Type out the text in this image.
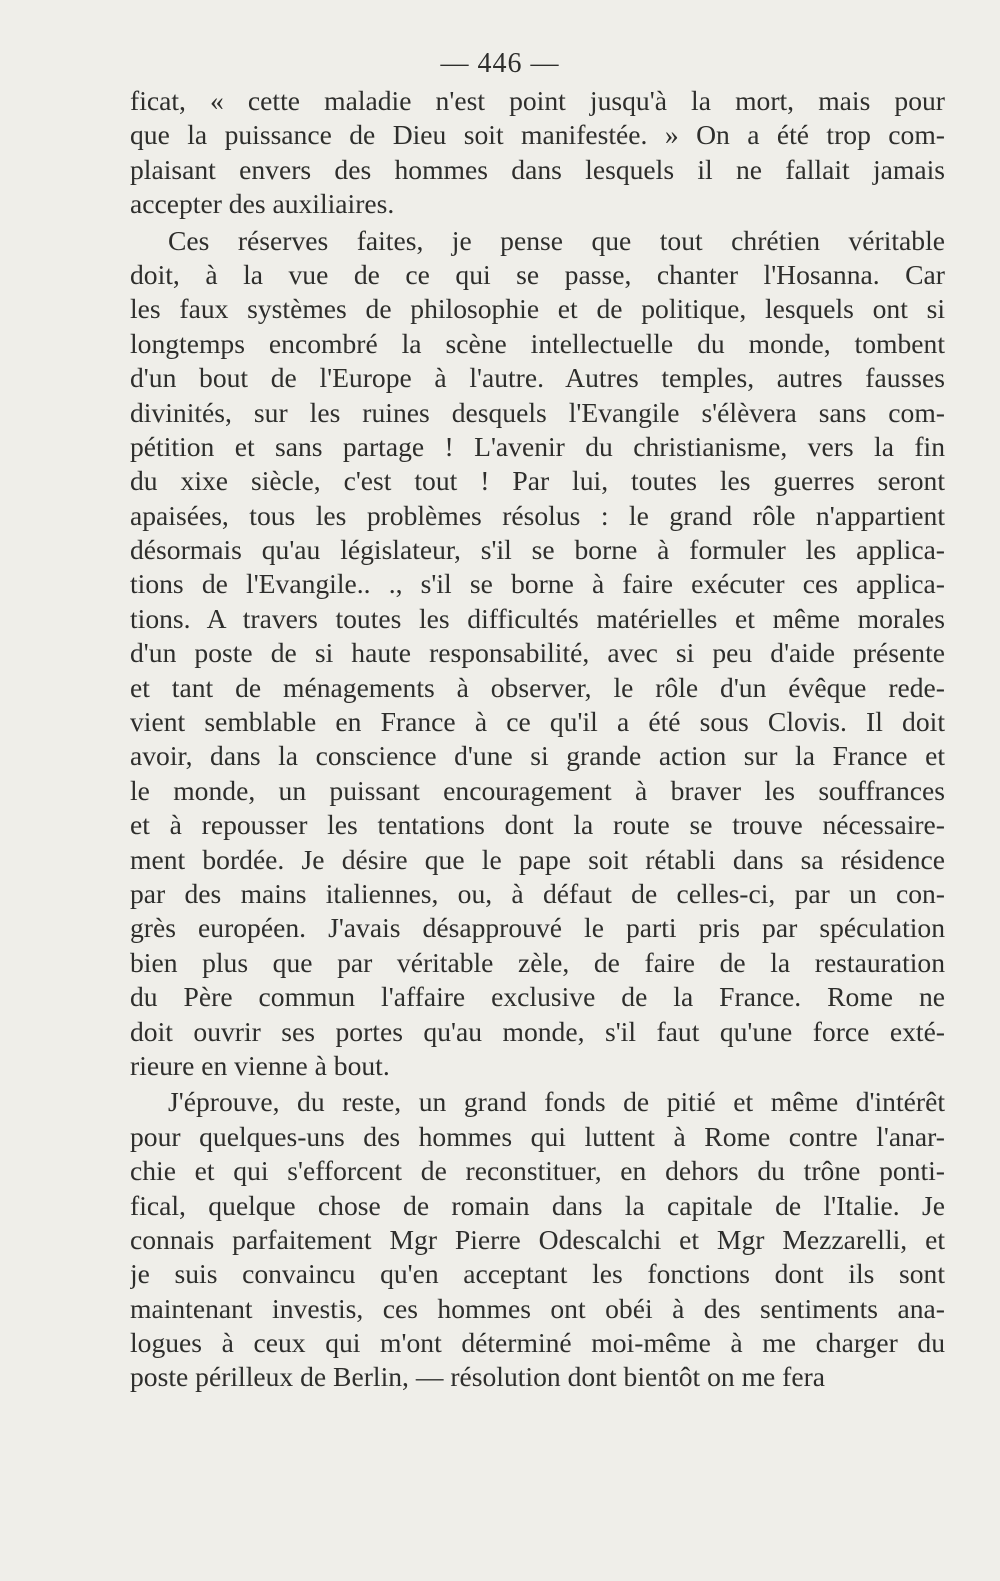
— 446 —
ficat, « cette maladie n'est point jusqu'à la mort, mais pour
que la puissance de Dieu soit manifestée. » On a été trop com-
plaisant envers des hommes dans lesquels il ne fallait jamais
accepter des auxiliaires.
Ces réserves faites, je pense que tout chrétien véritable
doit, à la vue de ce qui se passe, chanter l'Hosanna. Car
les faux systèmes de philosophie et de politique, lesquels ont si
longtemps encombré la scène intellectuelle du monde, tombent
d'un bout de l'Europe à l'autre. Autres temples, autres fausses
divinités, sur les ruines desquels l'Evangile s'élèvera sans com-
pétition et sans partage ! L'avenir du christianisme, vers la fin
du xixe siècle, c'est tout ! Par lui, toutes les guerres seront
apaisées, tous les problèmes résolus : le grand rôle n'appartient
désormais qu'au législateur, s'il se borne à formuler les applica-
tions de l'Evangile.. ., s'il se borne à faire exécuter ces applica-
tions. A travers toutes les difficultés matérielles et même morales
d'un poste de si haute responsabilité, avec si peu d'aide présente
et tant de ménagements à observer, le rôle d'un évêque rede-
vient semblable en France à ce qu'il a été sous Clovis. Il doit
avoir, dans la conscience d'une si grande action sur la France et
le monde, un puissant encouragement à braver les souffrances
et à repousser les tentations dont la route se trouve nécessaire-
ment bordée. Je désire que le pape soit rétabli dans sa résidence
par des mains italiennes, ou, à défaut de celles-ci, par un con-
grès européen. J'avais désapprouvé le parti pris par spéculation
bien plus que par véritable zèle, de faire de la restauration
du Père commun l'affaire exclusive de la France. Rome ne
doit ouvrir ses portes qu'au monde, s'il faut qu'une force exté-
rieure en vienne à bout.
J'éprouve, du reste, un grand fonds de pitié et même d'intérêt
pour quelques-uns des hommes qui luttent à Rome contre l'anar-
chie et qui s'efforcent de reconstituer, en dehors du trône ponti-
fical, quelque chose de romain dans la capitale de l'Italie. Je
connais parfaitement Mgr Pierre Odescalchi et Mgr Mezzarelli, et
je suis convaincu qu'en acceptant les fonctions dont ils sont
maintenant investis, ces hommes ont obéi à des sentiments ana-
logues à ceux qui m'ont déterminé moi-même à me charger du
poste périlleux de Berlin, — résolution dont bientôt on me fera
